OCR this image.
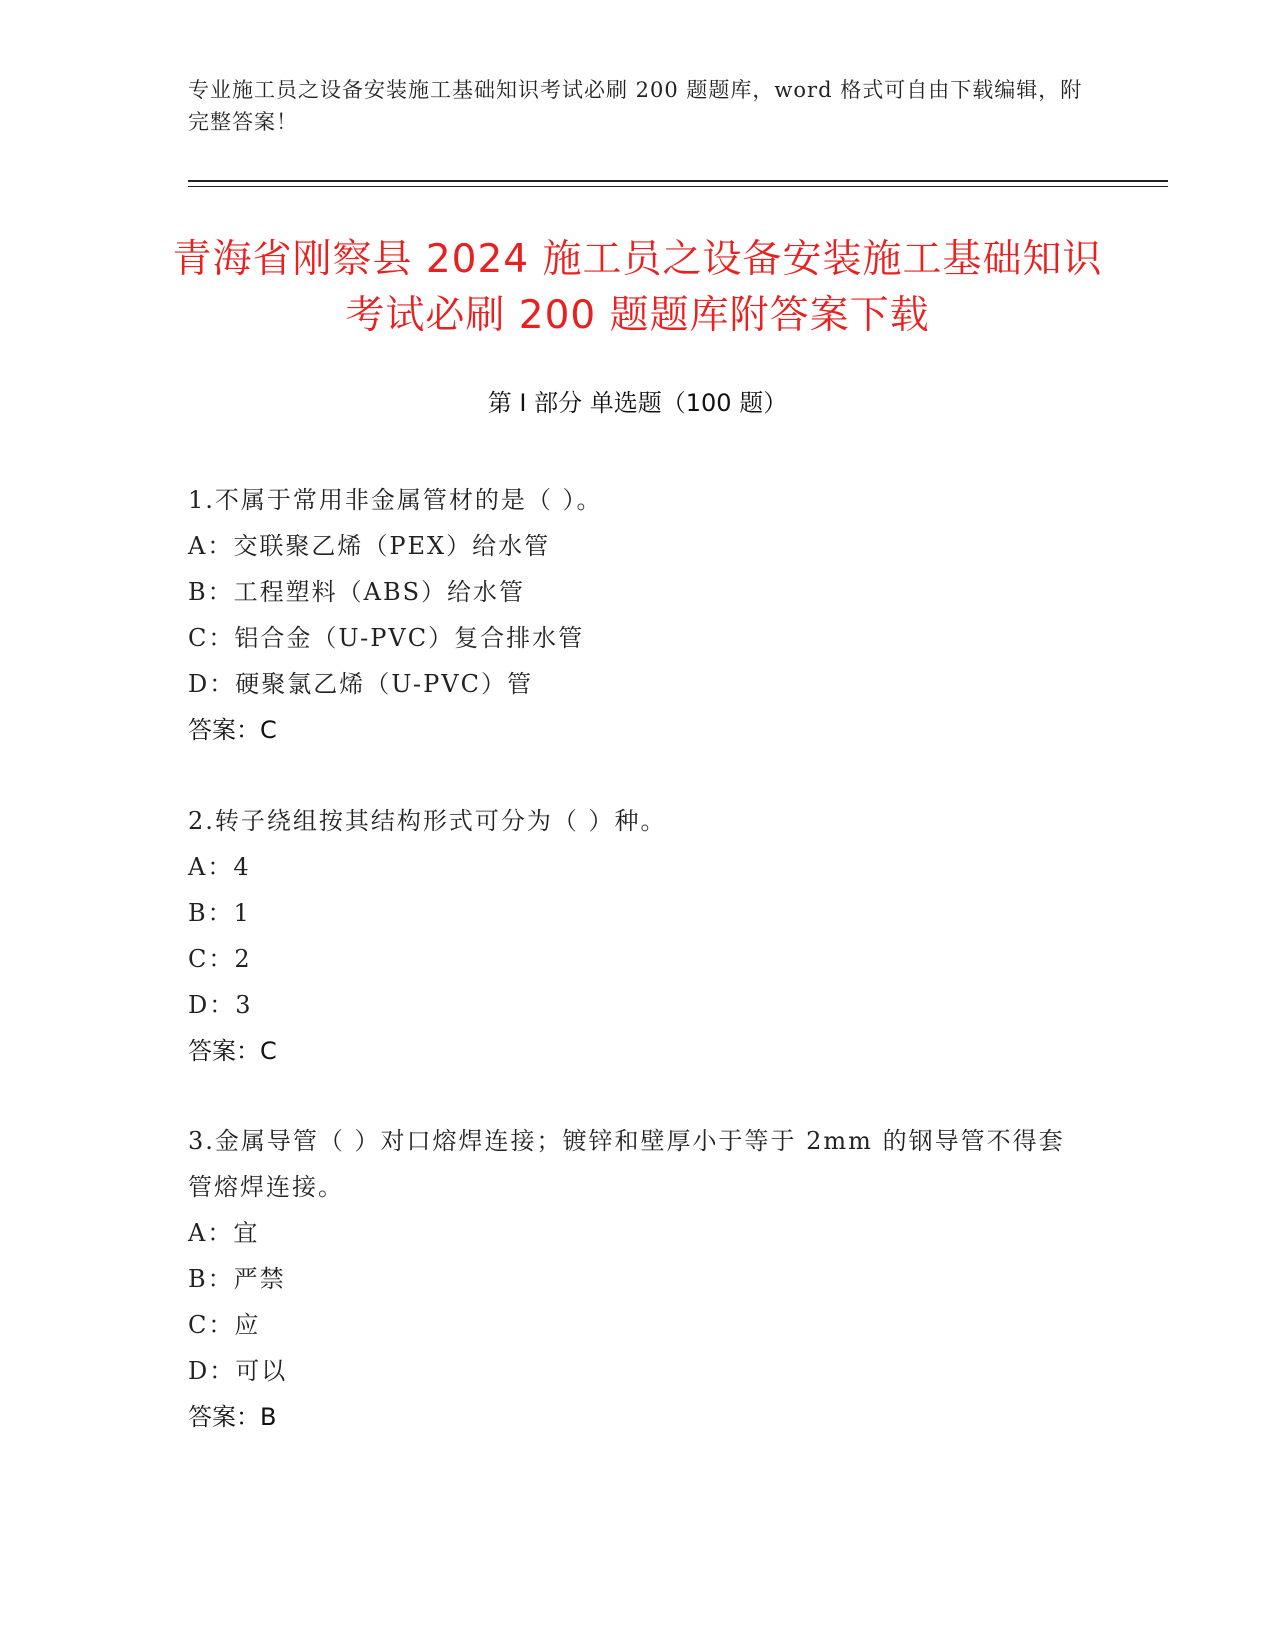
专业施工员之设备安装施工基础知识考试必刷 200 题题库，word 格式可自由下载编辑，附完整答案！
青海省刚察县 2024 施工员之设备安装施工基础知识考试必刷 200 题题库附答案下载
第 I 部分 单选题（100 题）
1.不属于常用非金属管材的是（ ）。
A：交联聚乙烯（PEX）给水管
B：工程塑料（ABS）给水管
C：铝合金（U-PVC）复合排水管
D：硬聚氯乙烯（U-PVC）管
答案：C
2.转子绕组按其结构形式可分为（ ）种。
A：4
B：1
C：2
D：3
答案：C
3.金属导管（ ）对口熔焊连接；镀锌和壁厚小于等于 2mm 的钢导管不得套管熔焊连接。
A：宜
B：严禁
C：应
D：可以
答案：B
